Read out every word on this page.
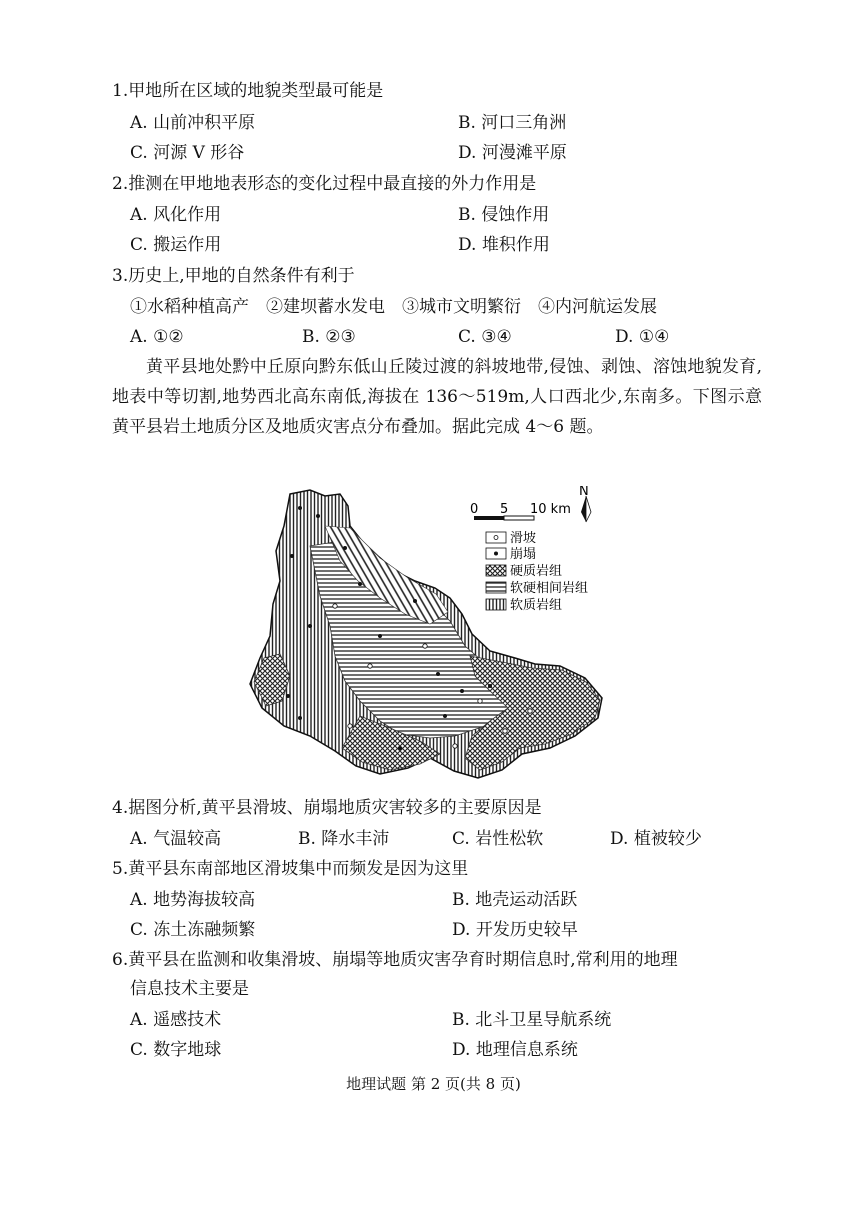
1.甲地所在区域的地貌类型最可能是
A. 山前冲积平原	B. 河口三角洲
C. 河源 V 形谷	D. 河漫滩平原
2.推测在甲地地表形态的变化过程中最直接的外力作用是
A. 风化作用	B. 侵蚀作用
C. 搬运作用	D. 堆积作用
3.历史上,甲地的自然条件有利于
①水稻种植高产　②建坝蓄水发电　③城市文明繁衍　④内河航运发展
A. ①②	B. ②③	C. ③④	D. ①④
黄平县地处黔中丘原向黔东低山丘陵过渡的斜坡地带,侵蚀、剥蚀、溶蚀地貌发育,地表中等切割,地势西北高东南低,海拔在 136～519m,人口西北少,东南多。下图示意黄平县岩土地质分区及地质灾害点分布叠加。据此完成 4～6 题。
0 5 10 km
N
滑坡
崩塌
硬质岩组
软硬相间岩组
软质岩组
4.据图分析,黄平县滑坡、崩塌地质灾害较多的主要原因是
A. 气温较高	B. 降水丰沛	C. 岩性松软	D. 植被较少
5.黄平县东南部地区滑坡集中而频发是因为这里
A. 地势海拔较高	B. 地壳运动活跃
C. 冻土冻融频繁	D. 开发历史较早
6.黄平县在监测和收集滑坡、崩塌等地质灾害孕育时期信息时,常利用的地理
信息技术主要是
A. 遥感技术	B. 北斗卫星导航系统
C. 数字地球	D. 地理信息系统
地理试题 第 2 页(共 8 页)
